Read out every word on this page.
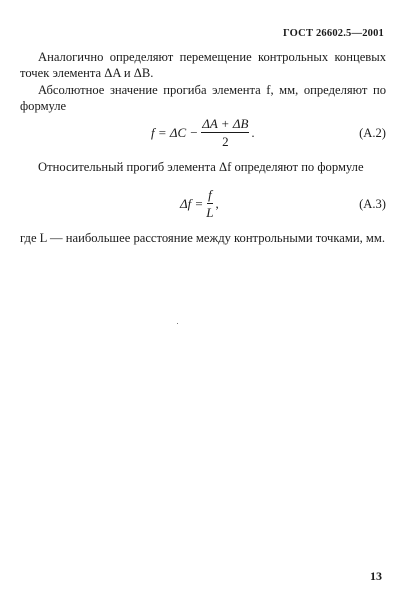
ГОСТ 26602.5—2001

Аналогично определяют перемещение контрольных концевых точек элемента ΔA и ΔB.

Абсолютное значение прогиба элемента f, мм, определяют по формуле

$f = \Delta C - \frac{\Delta A + \Delta B}{2}$ .	(А.2)

Относительный прогиб элемента Δf определяют по формуле

$\Delta f = \frac{f}{L}$ ,	(А.3)

где L — наибольшее расстояние между контрольными точками, мм.

13
